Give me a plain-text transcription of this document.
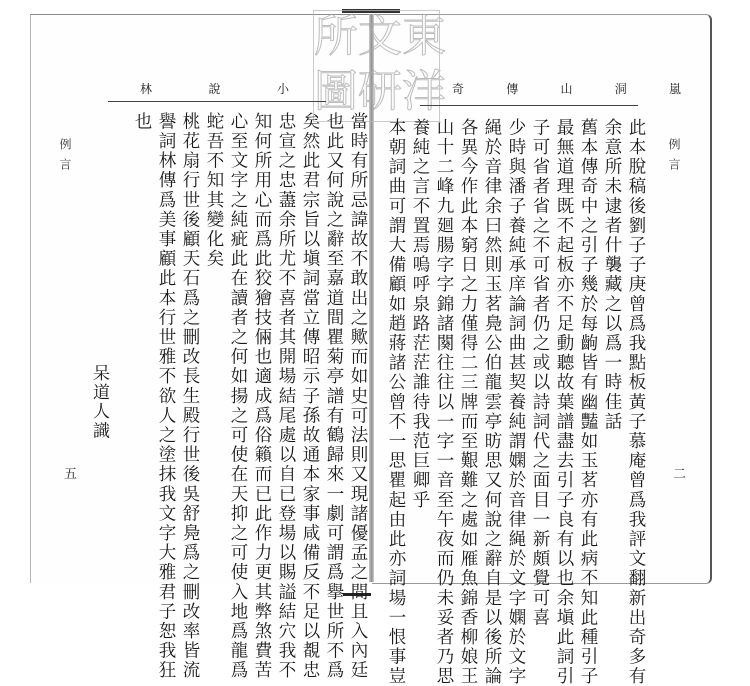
林	說	小
例言
五
呆道人識	當時有所忌諱故不敢出之歟而如史可法則又現諸優孟之間且入內廷
也此又何說之辭至嘉道間瞿菊亭譜有鶴歸來一劇可謂爲擧世所不爲
矣然此君宗旨以塡詞當立傳昭示子孫故通本家事咸備反不足以覩忠
忠宣之忠藎余所尤不喜者其開場結尾處以自已登場以賜謚結穴我不
知何所用心而爲此狡獪技倆也適成爲俗籟而已此作力更其弊煞費苦
心至文字之純疵此在讀者之何如揚之可使在天抑之可使入地爲龍爲
蛇吾不知其變化矣
桃花扇行世後顧天石爲之刪改長生殿行世後吳舒鳧爲之刪改率皆流
譽詞林傳爲美事顧此本行世雅不欲人之塗抹我文字大雅君子恕我狂
也
奇	傳	山	洞	嵐
例言
二
此本脫稿後劉子子庚曾爲我點板黃子慕庵曾爲我評文翻新出奇多有
余意所未逮者什襲藏之以爲一時佳話
舊本傳奇中之引子幾於每齣皆有幽豔如玉茗亦有此病不知此種引子
最無道理既不起板亦不足動聽故葉譜盡去引子良有以也余塡此詞引
子可省者省之不可省者仍之或以詩詞代之面目一新頗覺可喜
少時與潘子養純承庠論詞曲甚契養純謂嫻於音律䋲於文字嫻於文字
䋲於音律余曰然則玉茗鳧公伯龍雲亭昉思又何說之辭自是以後所論
各異今作此本窮日之力僅得二三牌而至艱難之處如雁魚錦香柳娘王
山十二峰九廻腸字字錦諸闋往往以一字一音至午夜而仍未妥者乃思
養純之言不置焉嗚呼泉路茫茫誰待我范巨卿乎
本朝詞曲可謂大備顧如趙蔣諸公曾不一思瞿起由此亦詞場一恨事豈
